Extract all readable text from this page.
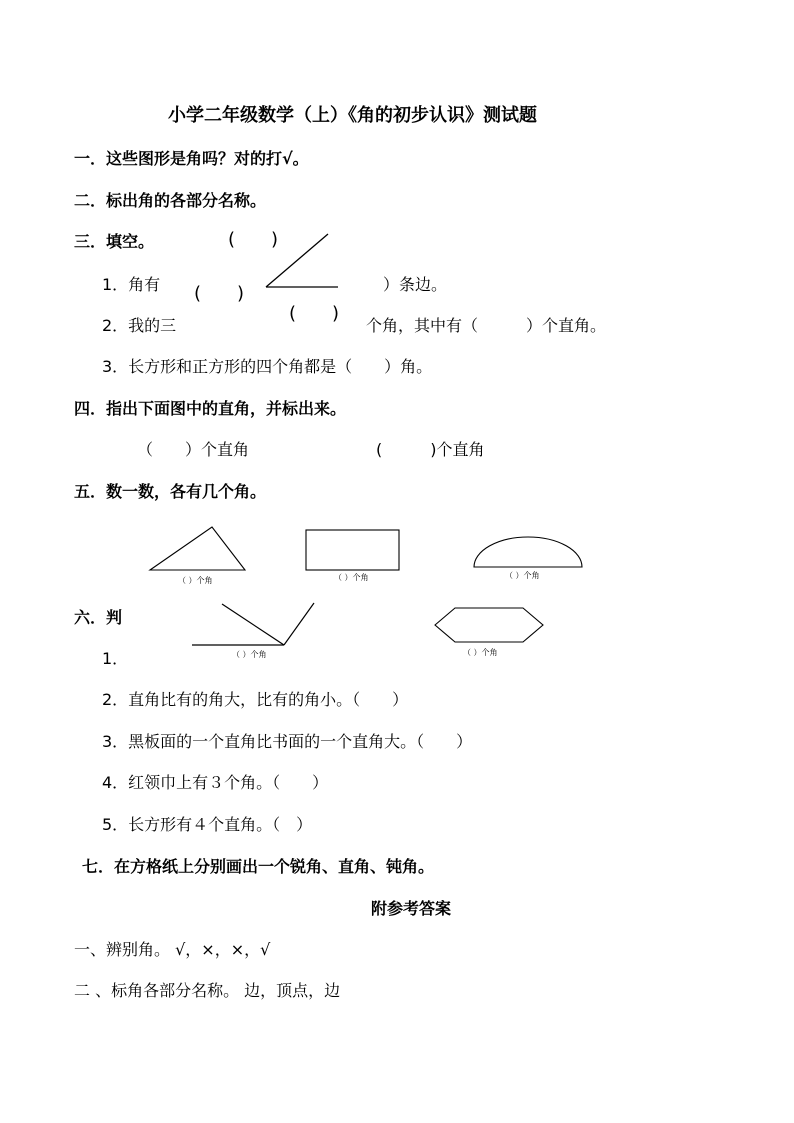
小学二年级数学（上）《角的初步认识》测试题
一．这些图形是角吗？对的打√。
二．标出角的各部分名称。
三．填空。	(　　)
(　　)
(　　)
1．角有	）条边。
2．我的三	个角，其中有（　　　）个直角。
3．长方形和正方形的四个角都是（　　）角。
四．指出下面图中的直角，并标出来。
（　　）个直角	(　　　)个直角
五．数一数，各有几个角。
（ ）个角	（ ）个角	（ ）个角
（ ）个角	（ ）个角
六．判
1．
2．直角比有的角大，比有的角小。（　　）
3．黑板面的一个直角比书面的一个直角大。（　　）
4．红领巾上有３个角。（　　）
5．长方形有４个直角。（　）
七．在方格纸上分别画出一个锐角、直角、钝角。
附参考答案
一、辨别角。 √，×，×，√
二 、标角各部分名称。 边，顶点，边
